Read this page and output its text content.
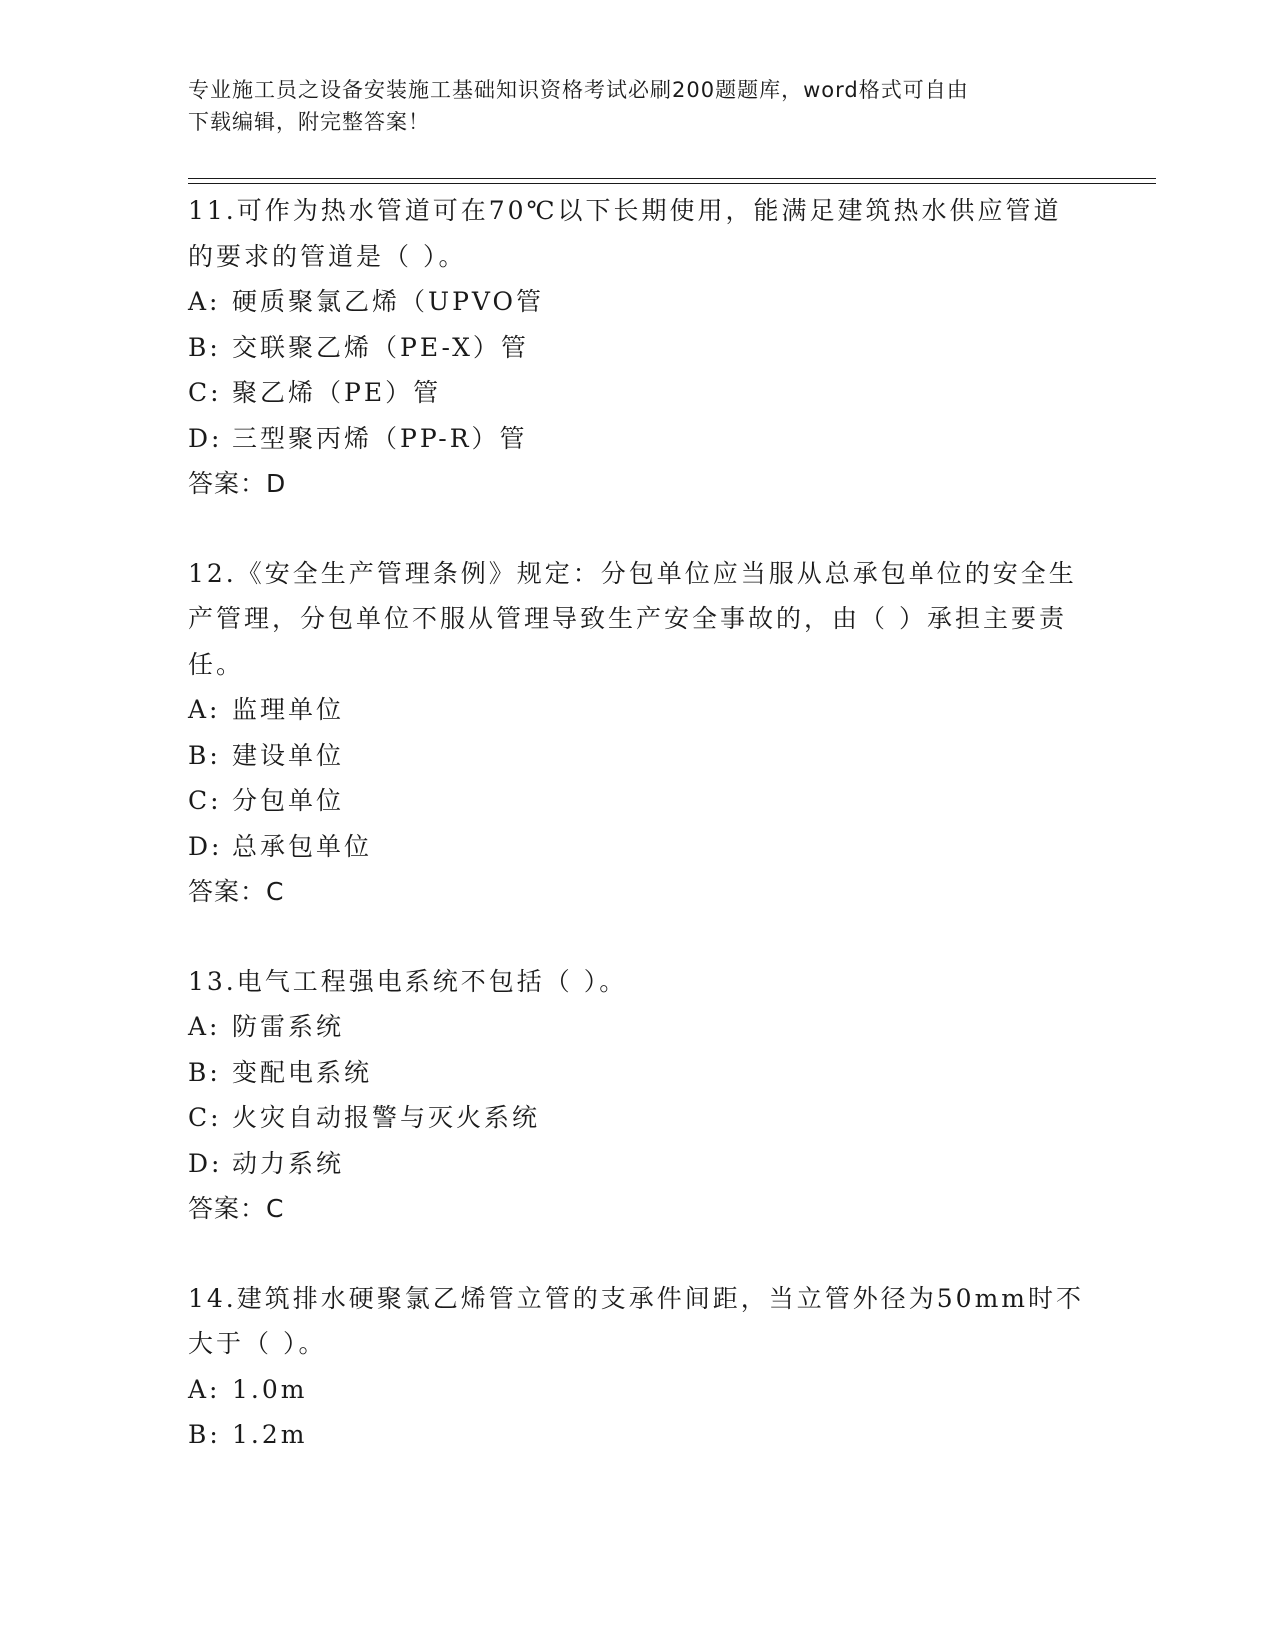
专业施工员之设备安装施工基础知识资格考试必刷200题题库，word格式可自由
下载编辑，附完整答案！

11.可作为热水管道可在70℃以下长期使用，能满足建筑热水供应管道的要求的管道是（ ）。

A: 硬质聚氯乙烯（UPVO管
B: 交联聚乙烯（PE-X）管
C: 聚乙烯（PE）管
D: 三型聚丙烯（PP-R）管
答案：D

12.《安全生产管理条例》规定：分包单位应当服从总承包单位的安全生产管理，分包单位不服从管理导致生产安全事故的，由（ ）承担主要责任。

A: 监理单位
B: 建设单位
C: 分包单位
D: 总承包单位
答案：C

13.电气工程强电系统不包括（ ）。

A: 防雷系统
B: 变配电系统
C: 火灾自动报警与灭火系统
D: 动力系统
答案：C

14.建筑排水硬聚氯乙烯管立管的支承件间距，当立管外径为50mm时不大于（ ）。

A: 1.0m
B: 1.2m
